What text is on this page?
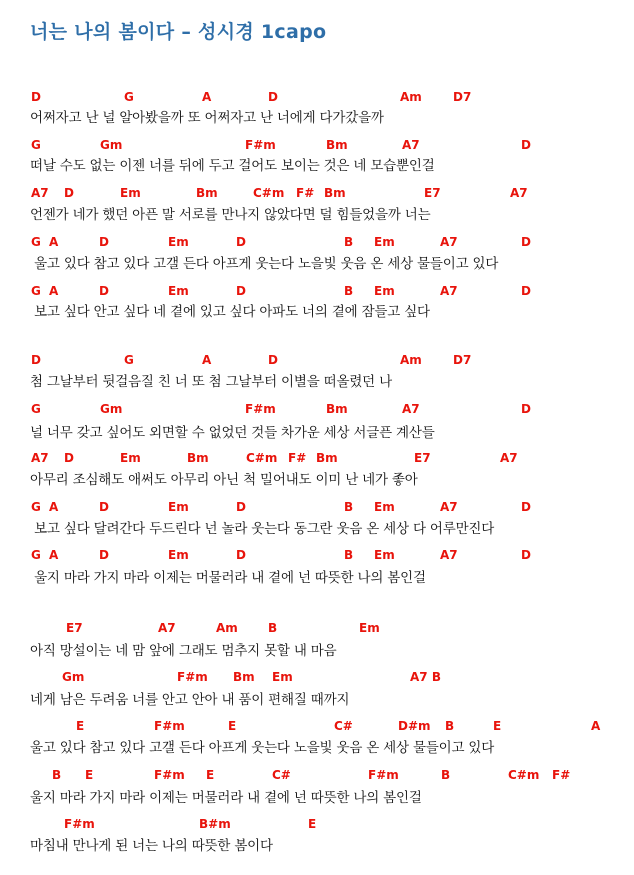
너는 나의 봄이다 – 성시경 1capo
D	G	A	D	Am	D7
어쩌자고 난 널 알아봤을까 또 어쩌자고 난 너에게 다가갔을까
G	Gm	F#m	Bm	A7	D
떠날 수도 없는 이젠 너를 뒤에 두고 걸어도 보이는 것은 네 모습뿐인걸
A7 D	Em	Bm	C#m F# Bm	E7	A7
언젠가 네가 했던 아픈 말 서로를 만나지 않았다면 덜 힘들었을까 너는
G A	D	Em	D	B Em	A7	D
울고 있다 참고 있다 고갤 든다 아프게 웃는다 노을빛 웃음 온 세상 물들이고 있다
G A	D	Em	D	B Em	A7	D
보고 싶다 안고 싶다 네 곁에 있고 싶다 아파도 너의 곁에 잠들고 싶다
D	G	A	D	Am	D7
첨 그날부터 뒷걸음질 친 너 또 첨 그날부터 이별을 떠올렸던 나
G	Gm	F#m	Bm	A7	D
널 너무 갖고 싶어도 외면할 수 없었던 것들 차가운 세상 서글픈 계산들
A7 D	Em	Bm	C#m F# Bm	E7	A7
아무리 조심해도 애써도 아무리 아닌 척 밀어내도 이미 난 네가 좋아
G A	D	Em	D	B Em	A7	D
보고 싶다 달려간다 두드린다 넌 놀라 웃는다 동그란 웃음 온 세상 다 어루만진다
G A	D	Em	D	B Em	A7	D
울지 마라 가지 마라 이제는 머물러라 내 곁에 넌 따뜻한 나의 봄인걸
E7	A7	Am	B	Em
아직 망설이는 네 맘 앞에 그래도 멈추지 못할 내 마음
Gm	F#m Bm Em	A7 B
네게 남은 두려움 너를 안고 안아 내 품이 편해질 때까지
E	F#m	E	C#	D#m B	E	A
울고 있다 참고 있다 고갤 든다 아프게 웃는다 노을빛 웃음 온 세상 물들이고 있다
B E	F#m E	C#	F#m	B	C#m F#
울지 마라 가지 마라 이제는 머물러라 내 곁에 넌 따뜻한 나의 봄인걸
F#m	B#m	E
마침내 만나게 된 너는 나의 따뜻한 봄이다
